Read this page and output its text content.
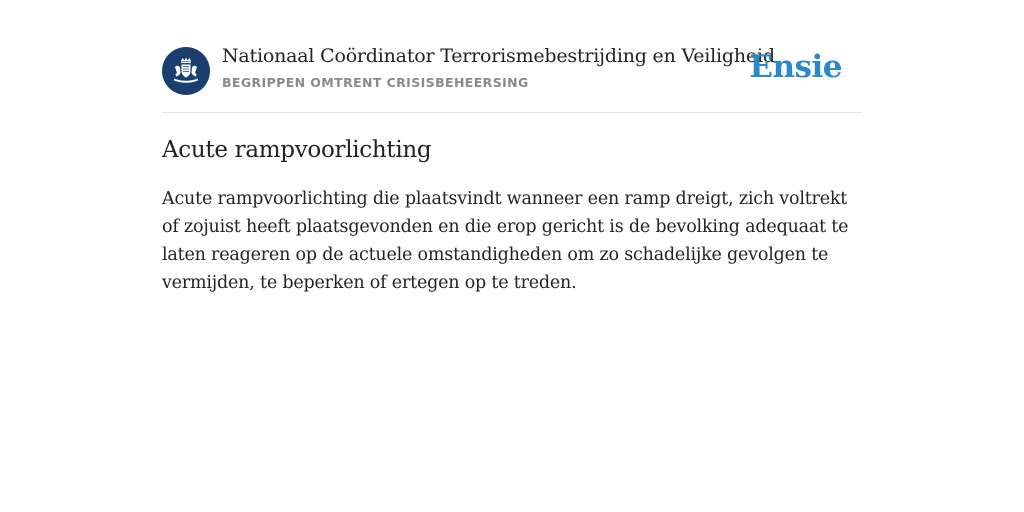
Nationaal Coördinator Terrorismebestrijding en Veiligheid
BEGRIPPEN OMTRENT CRISISBEHEERSING	Ensie
Acute rampvoorlichting

Acute rampvoorlichting die plaatsvindt wanneer een ramp dreigt, zich voltrekt of zojuist heeft plaatsgevonden en die erop gericht is de bevolking adequaat te laten reageren op de actuele omstandigheden om zo schadelijke gevolgen te vermijden, te beperken of ertegen op te treden.
